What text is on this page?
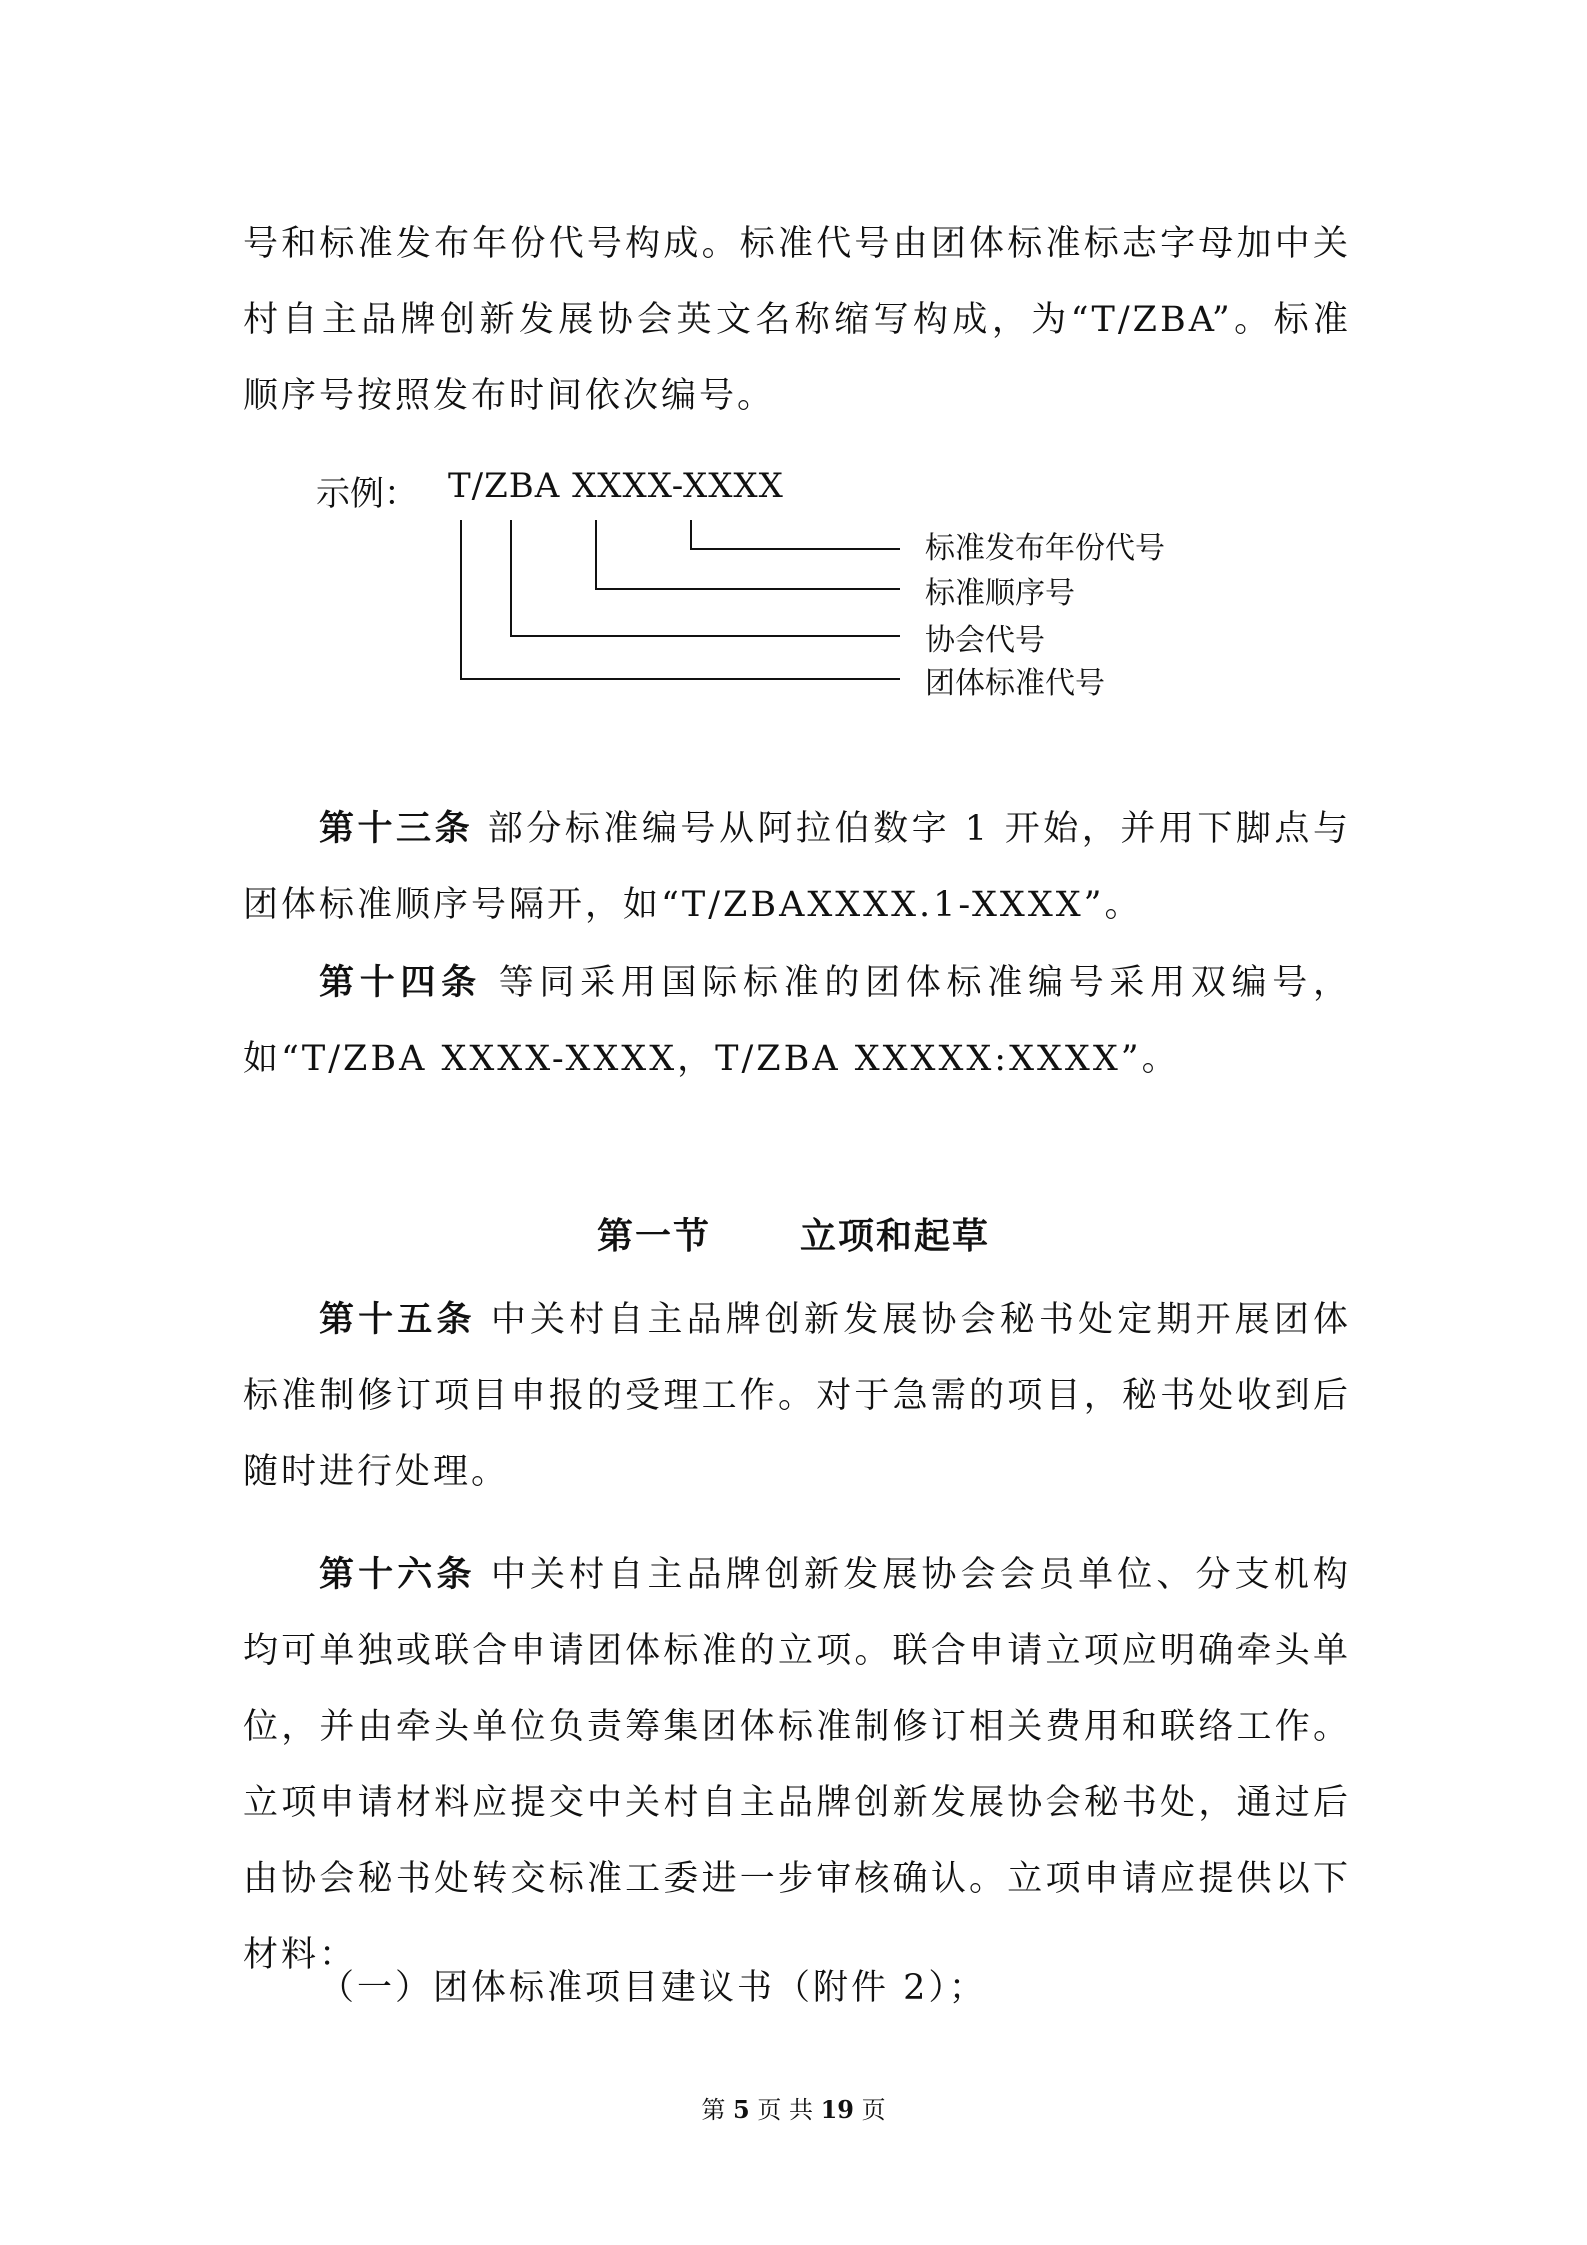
号和标准发布年份代号构成。标准代号由团体标准标志字母加中关村自主品牌创新发展协会英文名称缩写构成，为“T/ZBA”。标准顺序号按照发布时间依次编号。

示例： T/ZBA XXXX-XXXX
标准发布年份代号
标准顺序号
协会代号
团体标准代号

第十三条 部分标准编号从阿拉伯数字 1 开始，并用下脚点与团体标准顺序号隔开，如“T/ZBAXXXX.1-XXXX”。

第十四条 等同采用国际标准的团体标准编号采用双编号，如“T/ZBA XXXX-XXXX，T/ZBA XXXXX:XXXX”。

第一节 立项和起草

第十五条 中关村自主品牌创新发展协会秘书处定期开展团体标准制修订项目申报的受理工作。对于急需的项目，秘书处收到后随时进行处理。

第十六条 中关村自主品牌创新发展协会会员单位、分支机构均可单独或联合申请团体标准的立项。联合申请立项应明确牵头单位，并由牵头单位负责筹集团体标准制修订相关费用和联络工作。立项申请材料应提交中关村自主品牌创新发展协会秘书处，通过后由协会秘书处转交标准工委进一步审核确认。立项申请应提供以下材料：

（一）团体标准项目建议书（附件 2）；

第 5 页 共 19 页
